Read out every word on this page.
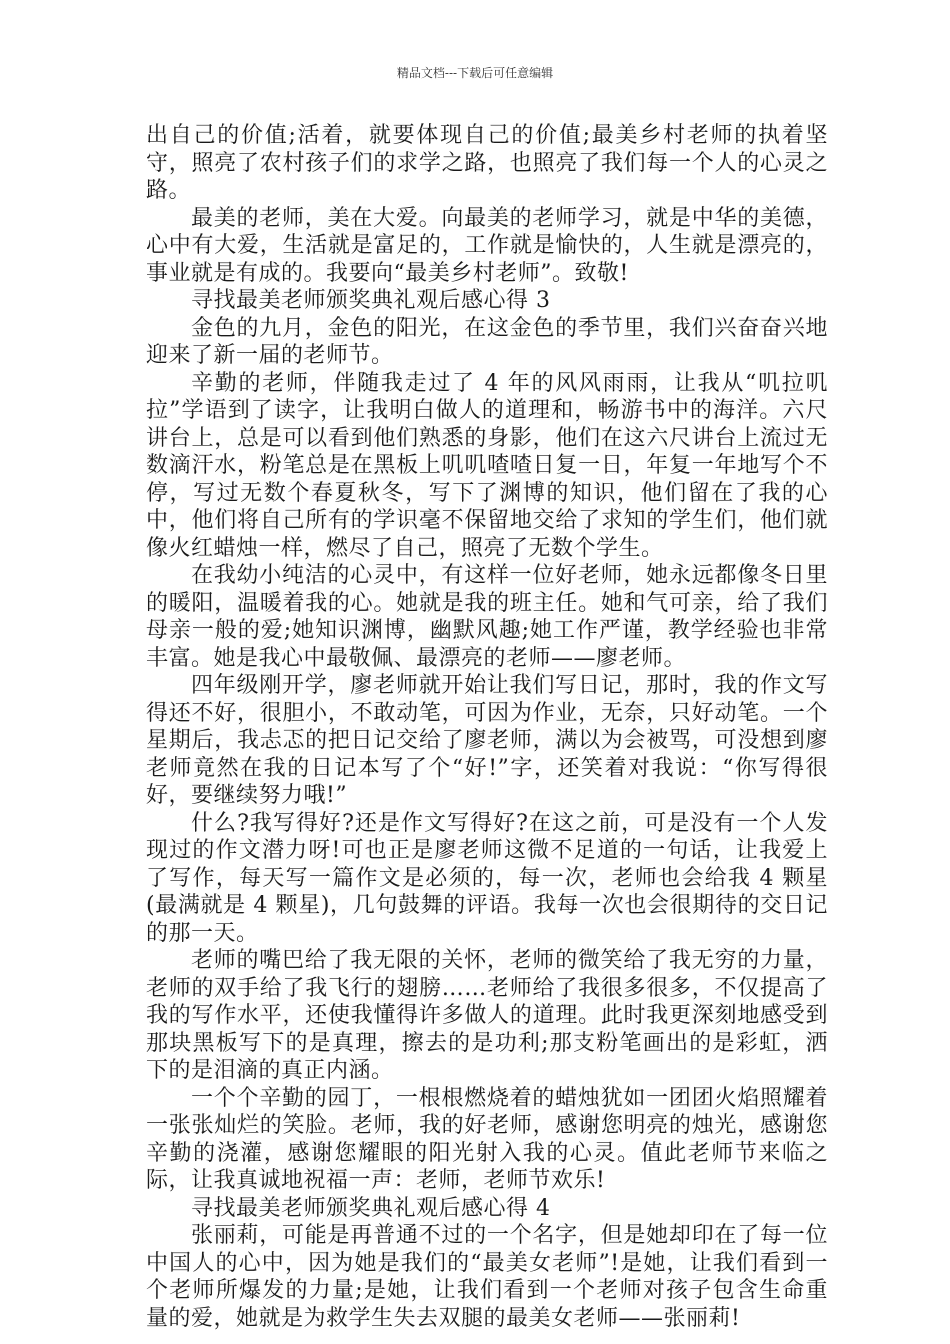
精品文档---下载后可任意编辑

出自己的价值;活着，就要体现自己的价值;最美乡村老师的执着坚守，照亮了农村孩子们的求学之路，也照亮了我们每一个人的心灵之路。

最美的老师，美在大爱。向最美的老师学习，就是中华的美德，心中有大爱，生活就是富足的，工作就是愉快的，人生就是漂亮的，事业就是有成的。我要向“最美乡村老师”。致敬!

寻找最美老师颁奖典礼观后感心得 3

金色的九月，金色的阳光，在这金色的季节里，我们兴奋奋兴地迎来了新一届的老师节。

辛勤的老师，伴随我走过了 4 年的风风雨雨，让我从“叽拉叽拉”学语到了读字，让我明白做人的道理和，畅游书中的海洋。六尺讲台上，总是可以看到他们熟悉的身影，他们在这六尺讲台上流过无数滴汗水，粉笔总是在黑板上叽叽喳喳日复一日，年复一年地写个不停，写过无数个春夏秋冬，写下了渊博的知识，他们留在了我的心中，他们将自己所有的学识毫不保留地交给了求知的学生们，他们就像火红蜡烛一样，燃尽了自己，照亮了无数个学生。

在我幼小纯洁的心灵中，有这样一位好老师，她永远都像冬日里的暖阳，温暖着我的心。她就是我的班主任。她和气可亲，给了我们母亲一般的爱;她知识渊博，幽默风趣;她工作严谨，教学经验也非常丰富。她是我心中最敬佩、最漂亮的老师——廖老师。

四年级刚开学，廖老师就开始让我们写日记，那时，我的作文写得还不好，很胆小，不敢动笔，可因为作业，无奈，只好动笔。一个星期后，我忐忑的把日记交给了廖老师，满以为会被骂，可没想到廖老师竟然在我的日记本写了个“好!”字，还笑着对我说：“你写得很好，要继续努力哦!”

什么?我写得好?还是作文写得好?在这之前，可是没有一个人发现过的作文潜力呀!可也正是廖老师这微不足道的一句话，让我爱上了写作，每天写一篇作文是必须的，每一次，老师也会给我 4 颗星(最满就是 4 颗星)，几句鼓舞的评语。我每一次也会很期待的交日记的那一天。

老师的嘴巴给了我无限的关怀，老师的微笑给了我无穷的力量，老师的双手给了我飞行的翅膀……老师给了我很多很多，不仅提高了我的写作水平，还使我懂得许多做人的道理。此时我更深刻地感受到那块黑板写下的是真理，擦去的是功利;那支粉笔画出的是彩虹，洒下的是泪滴的真正内涵。

一个个辛勤的园丁，一根根燃烧着的蜡烛犹如一团团火焰照耀着一张张灿烂的笑脸。老师，我的好老师，感谢您明亮的烛光，感谢您辛勤的浇灌，感谢您耀眼的阳光射入我的心灵。值此老师节来临之际，让我真诚地祝福一声：老师，老师节欢乐!

寻找最美老师颁奖典礼观后感心得 4

张丽莉，可能是再普通不过的一个名字，但是她却印在了每一位中国人的心中，因为她是我们的“最美女老师”!是她，让我们看到一个老师所爆发的力量;是她，让我们看到一个老师对孩子包含生命重量的爱，她就是为救学生失去双腿的最美女老师——张丽莉!
